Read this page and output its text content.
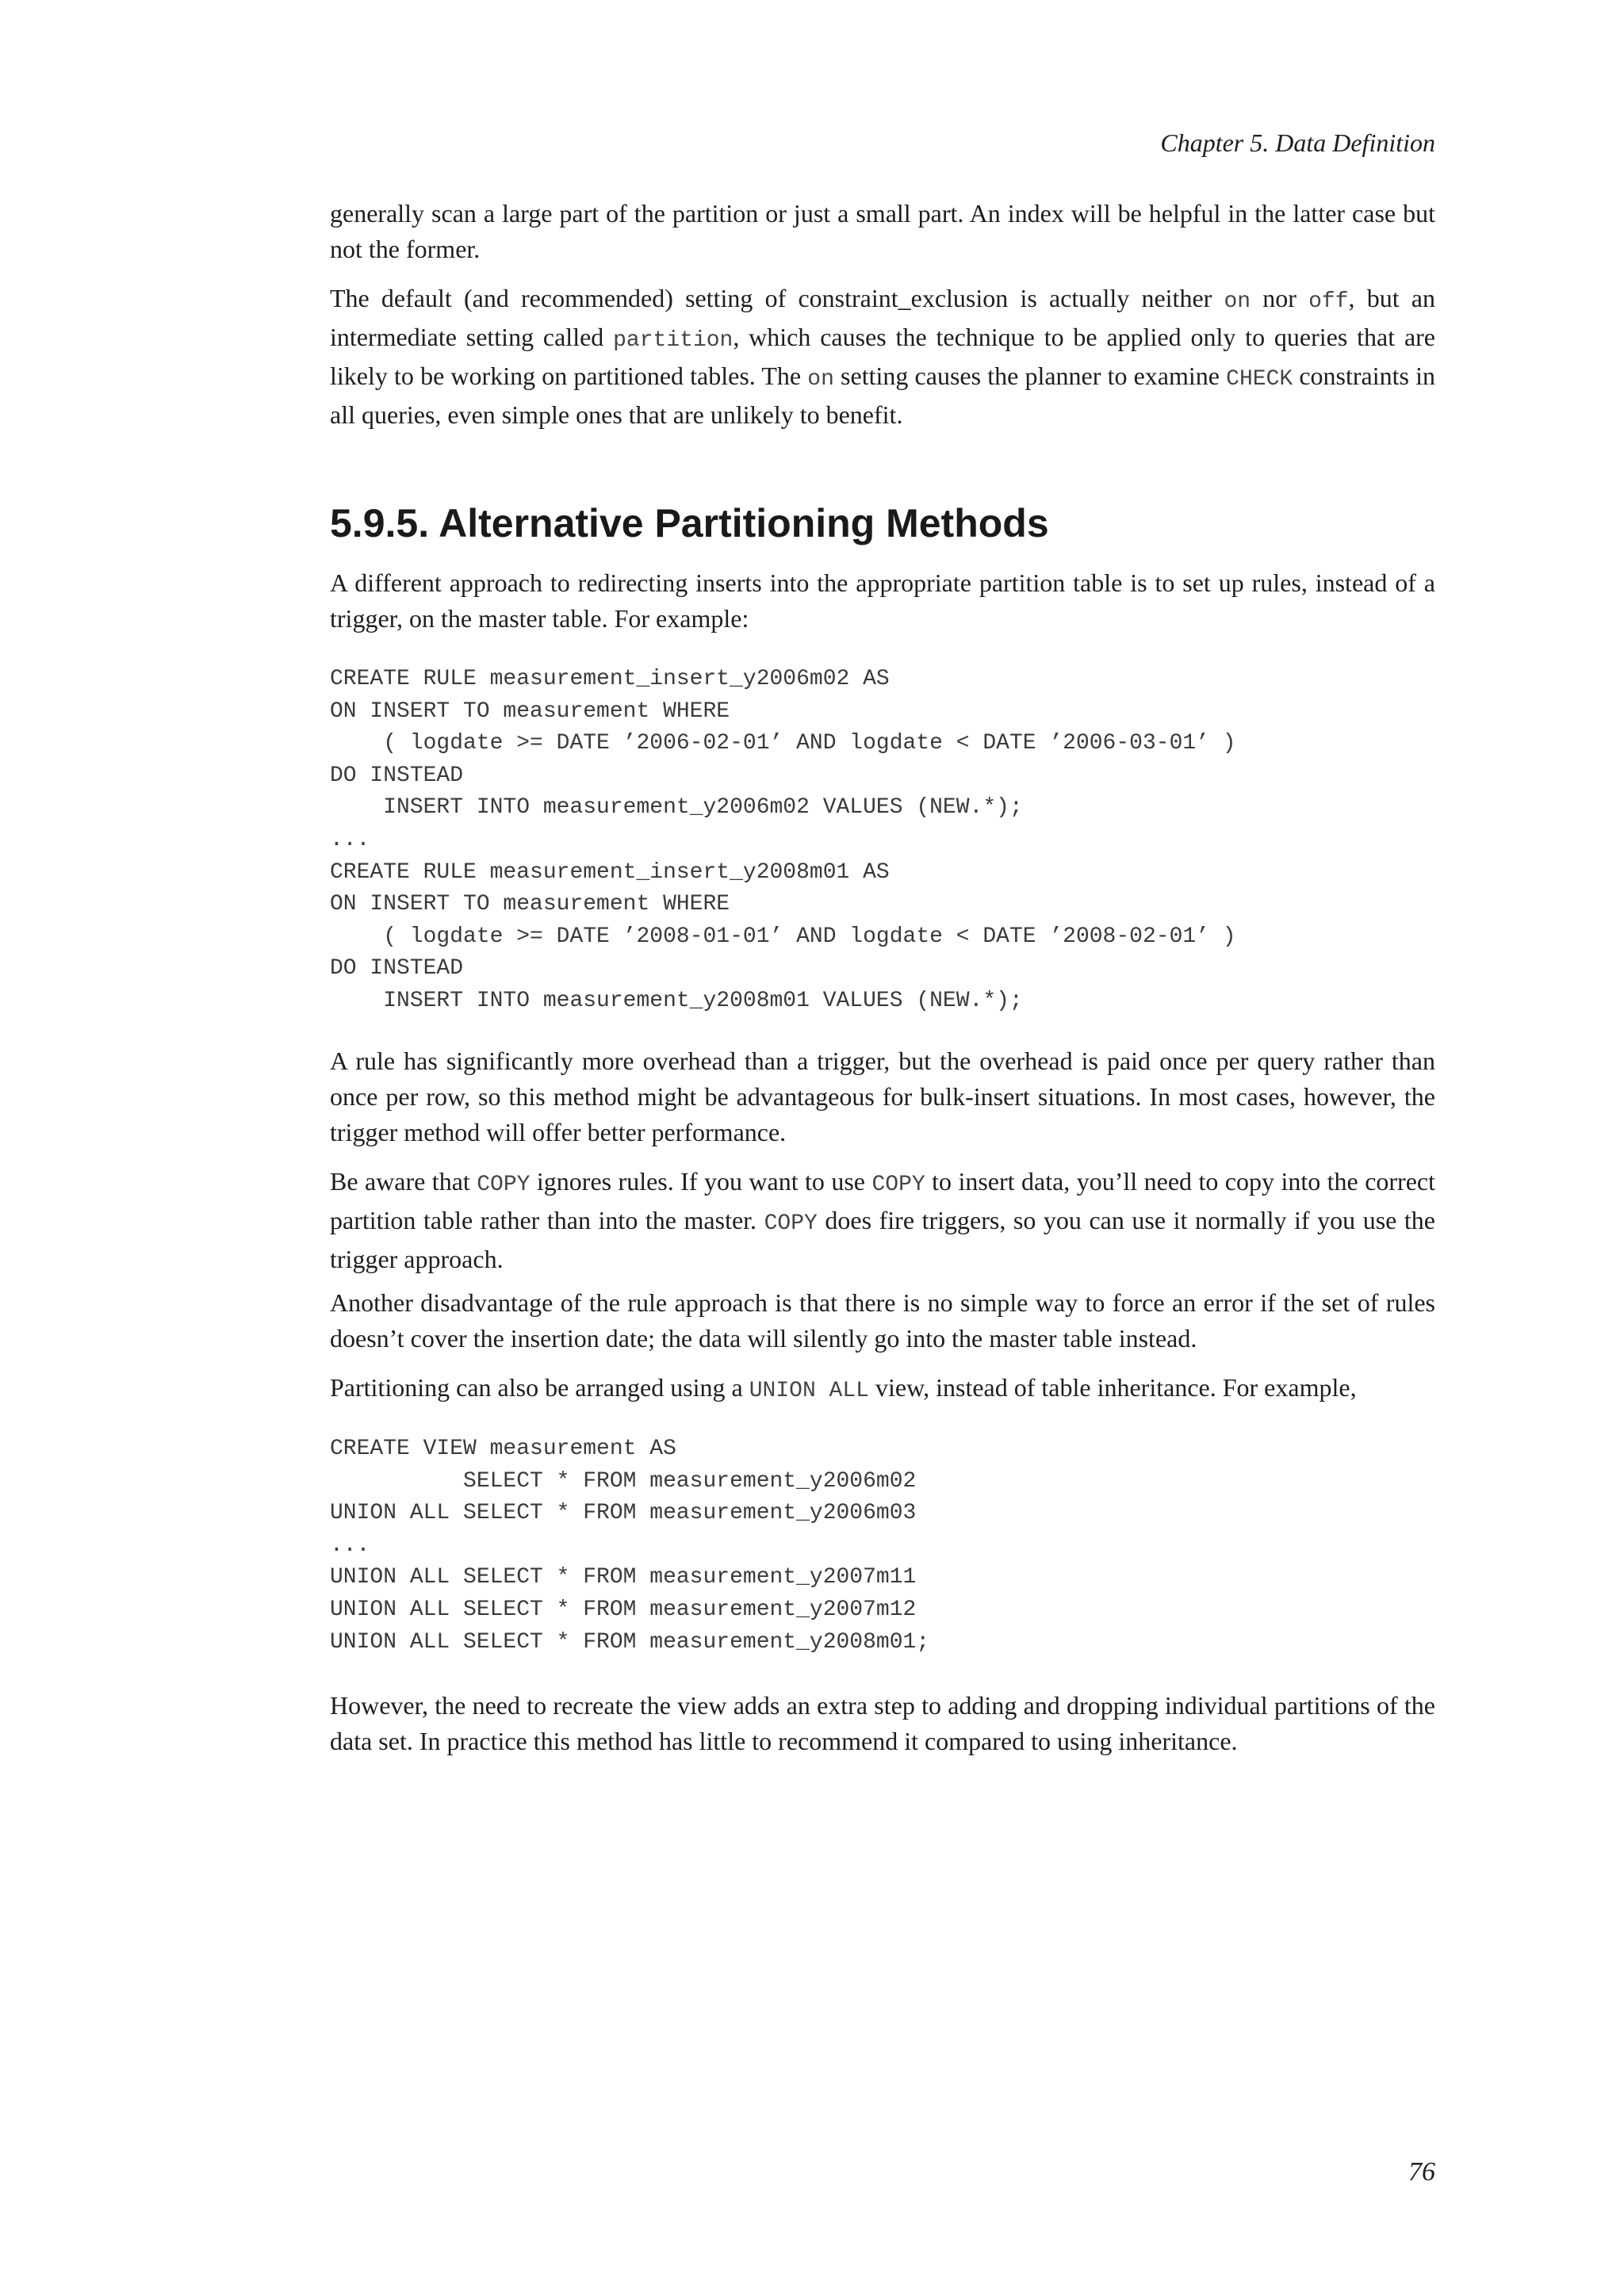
Chapter 5. Data Definition

generally scan a large part of the partition or just a small part. An index will be helpful in the latter case but not the former.

The default (and recommended) setting of constraint_exclusion is actually neither on nor off, but an intermediate setting called partition, which causes the technique to be applied only to queries that are likely to be working on partitioned tables. The on setting causes the planner to examine CHECK constraints in all queries, even simple ones that are unlikely to benefit.

5.9.5. Alternative Partitioning Methods

A different approach to redirecting inserts into the appropriate partition table is to set up rules, instead of a trigger, on the master table. For example:

CREATE RULE measurement_insert_y2006m02 AS
ON INSERT TO measurement WHERE
( logdate >= DATE ’2006-02-01’ AND logdate < DATE ’2006-03-01’ )
DO INSTEAD
INSERT INTO measurement_y2006m02 VALUES (NEW.*);
...
CREATE RULE measurement_insert_y2008m01 AS
ON INSERT TO measurement WHERE
( logdate >= DATE ’2008-01-01’ AND logdate < DATE ’2008-02-01’ )
DO INSTEAD
INSERT INTO measurement_y2008m01 VALUES (NEW.*);

A rule has significantly more overhead than a trigger, but the overhead is paid once per query rather than once per row, so this method might be advantageous for bulk-insert situations. In most cases, however, the trigger method will offer better performance.

Be aware that COPY ignores rules. If you want to use COPY to insert data, you’ll need to copy into the correct partition table rather than into the master. COPY does fire triggers, so you can use it normally if you use the trigger approach.

Another disadvantage of the rule approach is that there is no simple way to force an error if the set of rules doesn’t cover the insertion date; the data will silently go into the master table instead.

Partitioning can also be arranged using a UNION ALL view, instead of table inheritance. For example,

CREATE VIEW measurement AS
SELECT * FROM measurement_y2006m02
UNION ALL SELECT * FROM measurement_y2006m03
...
UNION ALL SELECT * FROM measurement_y2007m11
UNION ALL SELECT * FROM measurement_y2007m12
UNION ALL SELECT * FROM measurement_y2008m01;

However, the need to recreate the view adds an extra step to adding and dropping individual partitions of the data set. In practice this method has little to recommend it compared to using inheritance.

76
